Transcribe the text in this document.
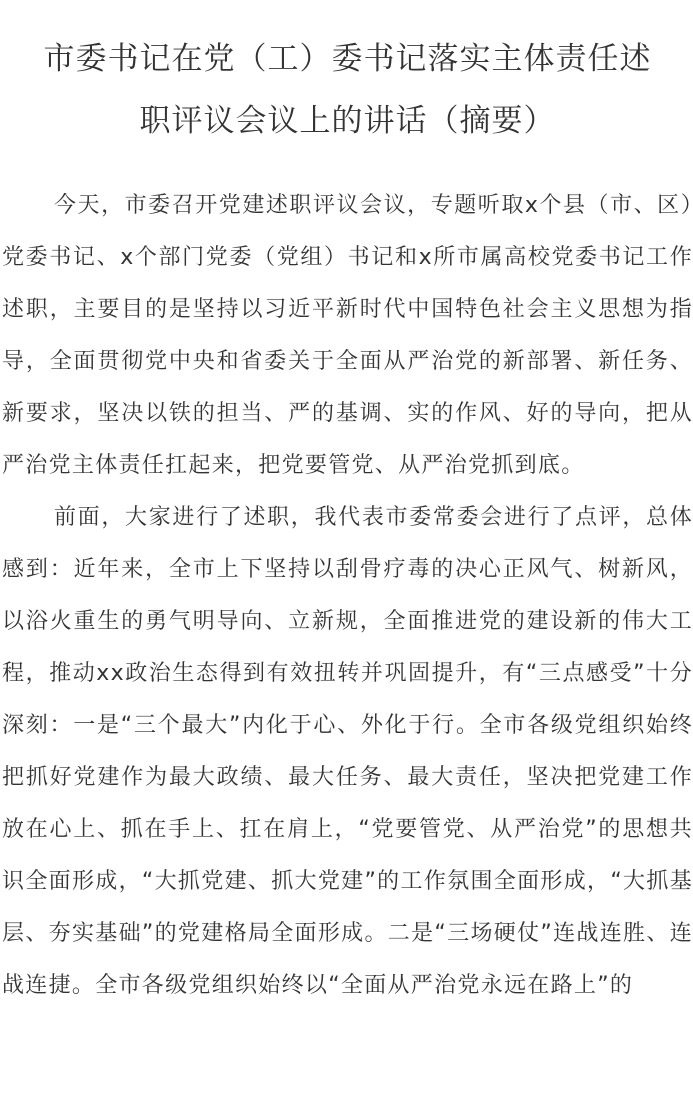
市委书记在党（工）委书记落实主体责任述
职评议会议上的讲话（摘要）

今天，市委召开党建述职评议会议，专题听取x个县（市、区）党委书记、x个部门党委（党组）书记和x所市属高校党委书记工作述职，主要目的是坚持以习近平新时代中国特色社会主义思想为指导，全面贯彻党中央和省委关于全面从严治党的新部署、新任务、新要求，坚决以铁的担当、严的基调、实的作风、好的导向，把从严治党主体责任扛起来，把党要管党、从严治党抓到底。

前面，大家进行了述职，我代表市委常委会进行了点评，总体感到：近年来，全市上下坚持以刮骨疗毒的决心正风气、树新风，以浴火重生的勇气明导向、立新规，全面推进党的建设新的伟大工程，推动xx政治生态得到有效扭转并巩固提升，有“三点感受”十分深刻：一是“三个最大”内化于心、外化于行。全市各级党组织始终把抓好党建作为最大政绩、最大任务、最大责任，坚决把党建工作放在心上、抓在手上、扛在肩上，“党要管党、从严治党”的思想共识全面形成，“大抓党建、抓大党建”的工作氛围全面形成，“大抓基层、夯实基础”的党建格局全面形成。二是“三场硬仗”连战连胜、连战连捷。全市各级党组织始终以“全面从严治党永远在路上”的
